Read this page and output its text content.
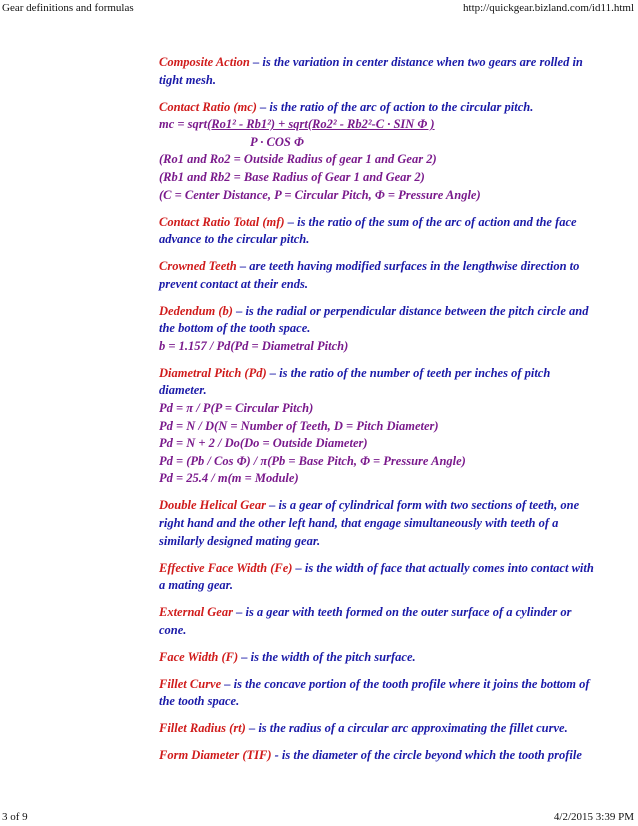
Gear definitions and formulas	http://quickgear.bizland.com/id11.html
Composite Action – is the variation in center distance when two gears are rolled in tight mesh.
Contact Ratio (mc) – is the ratio of the arc of action to the circular pitch.
mc = sqrt(Ro1² - Rb1²) + sqrt(Ro2² - Rb2²-C · SIN Φ )

P · COS Φ
(Ro1 and Ro2 = Outside Radius of gear 1 and Gear 2)
(Rb1 and Rb2 = Base Radius of Gear 1 and Gear 2)
(C = Center Distance, P = Circular Pitch, Φ = Pressure Angle)
Contact Ratio Total (mf) – is the ratio of the sum of the arc of action and the face advance to the circular pitch.
Crowned Teeth – are teeth having modified surfaces in the lengthwise direction to prevent contact at their ends.
Dedendum (b) – is the radial or perpendicular distance between the pitch circle and the bottom of the tooth space.
b = 1.157 / Pd(Pd = Diametral Pitch)
Diametral Pitch (Pd) – is the ratio of the number of teeth per inches of pitch diameter.
Pd = π / P(P = Circular Pitch)
Pd = N / D(N = Number of Teeth, D = Pitch Diameter)
Pd = N + 2 / Do(Do = Outside Diameter)
Pd = (Pb / Cos Φ) / π(Pb = Base Pitch, Φ = Pressure Angle)
Pd = 25.4 / m(m = Module)
Double Helical Gear – is a gear of cylindrical form with two sections of teeth, one right hand and the other left hand, that engage simultaneously with teeth of a similarly designed mating gear.
Effective Face Width (Fe) – is the width of face that actually comes into contact with a mating gear.
External Gear – is a gear with teeth formed on the outer surface of a cylinder or cone.
Face Width (F) – is the width of the pitch surface.
Fillet Curve – is the concave portion of the tooth profile where it joins the bottom of the tooth space.
Fillet Radius (rt) – is the radius of a circular arc approximating the fillet curve.
Form Diameter (TIF) - is the diameter of the circle beyond which the tooth profile
3 of 9	4/2/2015 3:39 PM
